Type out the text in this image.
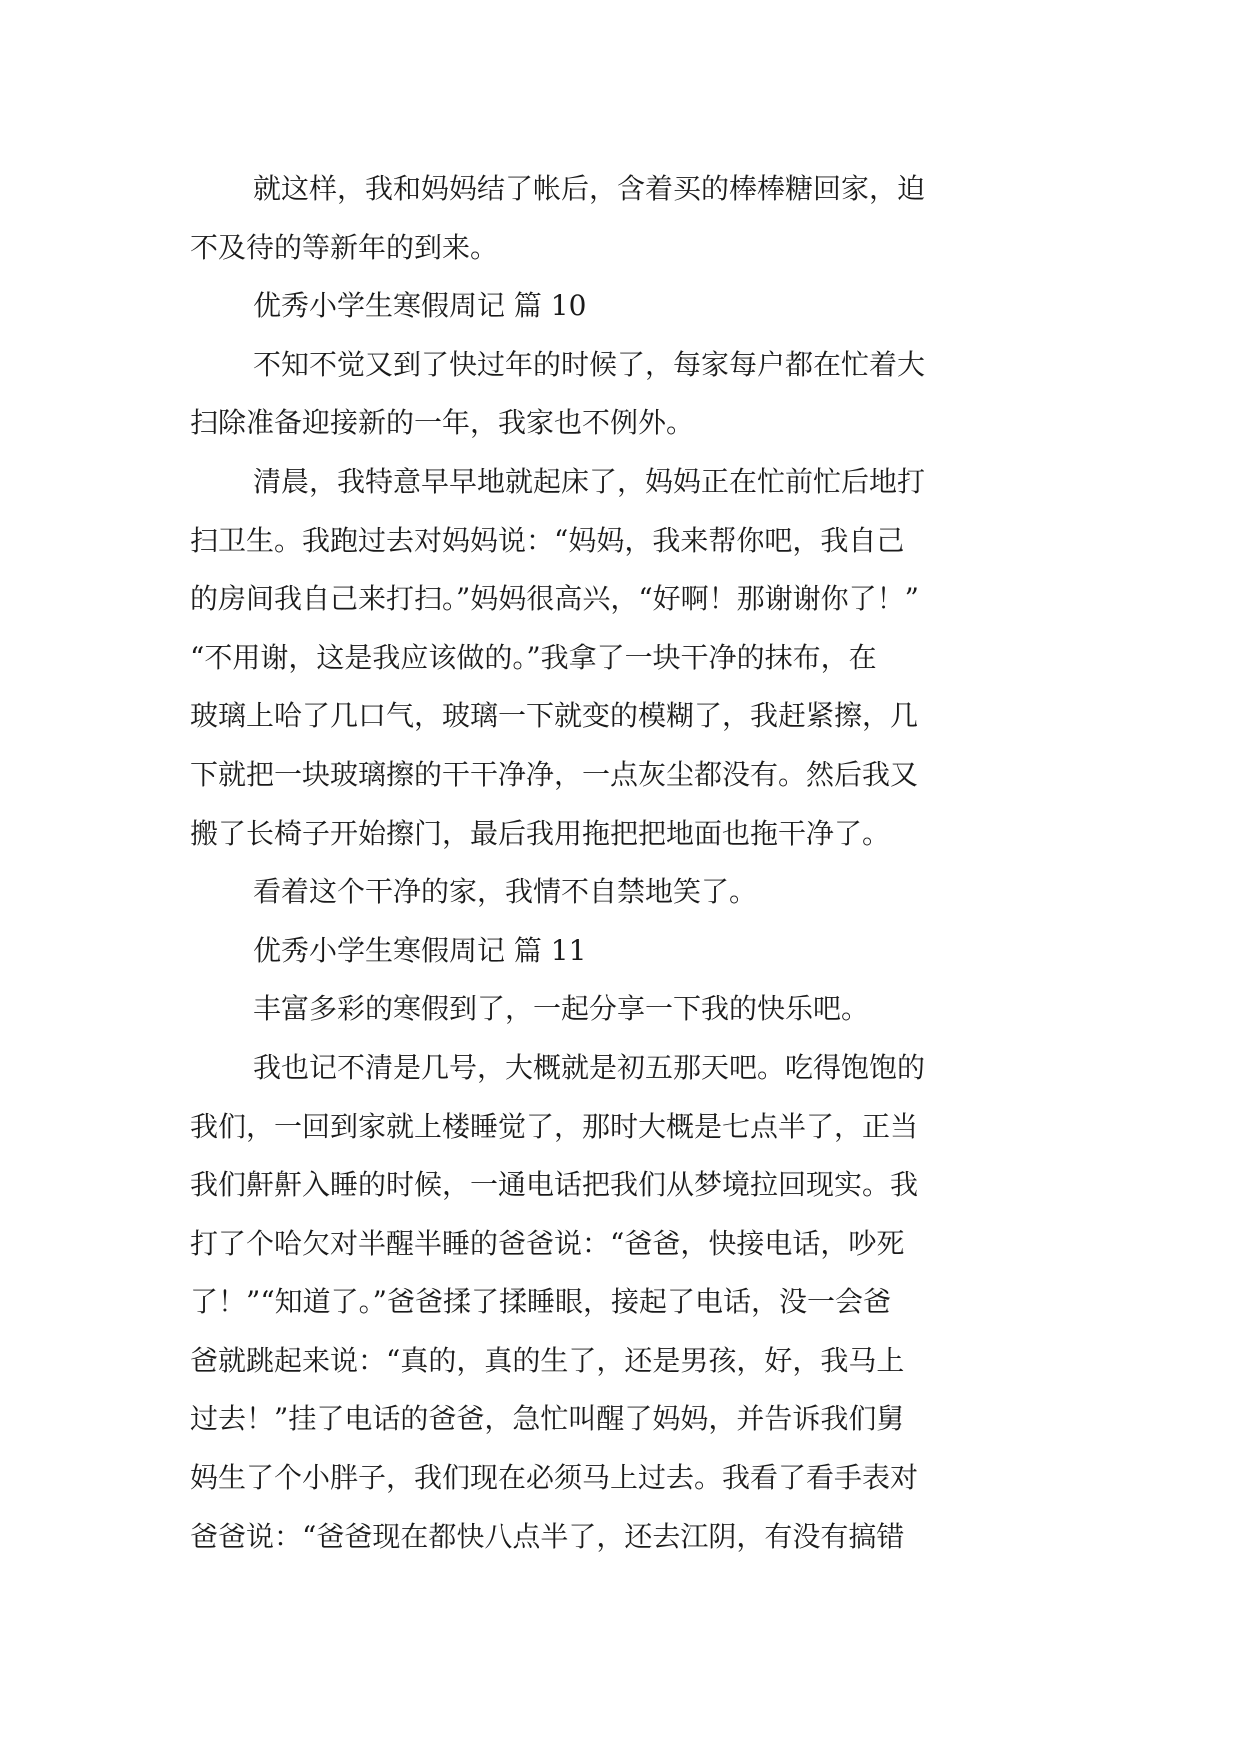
就这样，我和妈妈结了帐后，含着买的棒棒糖回家，迫
不及待的等新年的到来。
优秀小学生寒假周记 篇 10
不知不觉又到了快过年的时候了，每家每户都在忙着大
扫除准备迎接新的一年，我家也不例外。
清晨，我特意早早地就起床了，妈妈正在忙前忙后地打
扫卫生。我跑过去对妈妈说：“妈妈，我来帮你吧，我自己
的房间我自己来打扫。”妈妈很高兴，“好啊！那谢谢你了！”
“不用谢，这是我应该做的。”我拿了一块干净的抹布，在
玻璃上哈了几口气，玻璃一下就变的模糊了，我赶紧擦，几
下就把一块玻璃擦的干干净净，一点灰尘都没有。然后我又
搬了长椅子开始擦门，最后我用拖把把地面也拖干净了。
看着这个干净的家，我情不自禁地笑了。
优秀小学生寒假周记 篇 11
丰富多彩的寒假到了，一起分享一下我的快乐吧。
我也记不清是几号，大概就是初五那天吧。吃得饱饱的
我们，一回到家就上楼睡觉了，那时大概是七点半了，正当
我们鼾鼾入睡的时候，一通电话把我们从梦境拉回现实。我
打了个哈欠对半醒半睡的爸爸说：“爸爸，快接电话，吵死
了！”“知道了。”爸爸揉了揉睡眼，接起了电话，没一会爸
爸就跳起来说：“真的，真的生了，还是男孩，好，我马上
过去！”挂了电话的爸爸，急忙叫醒了妈妈，并告诉我们舅
妈生了个小胖子，我们现在必须马上过去。我看了看手表对
爸爸说：“爸爸现在都快八点半了，还去江阴，有没有搞错
